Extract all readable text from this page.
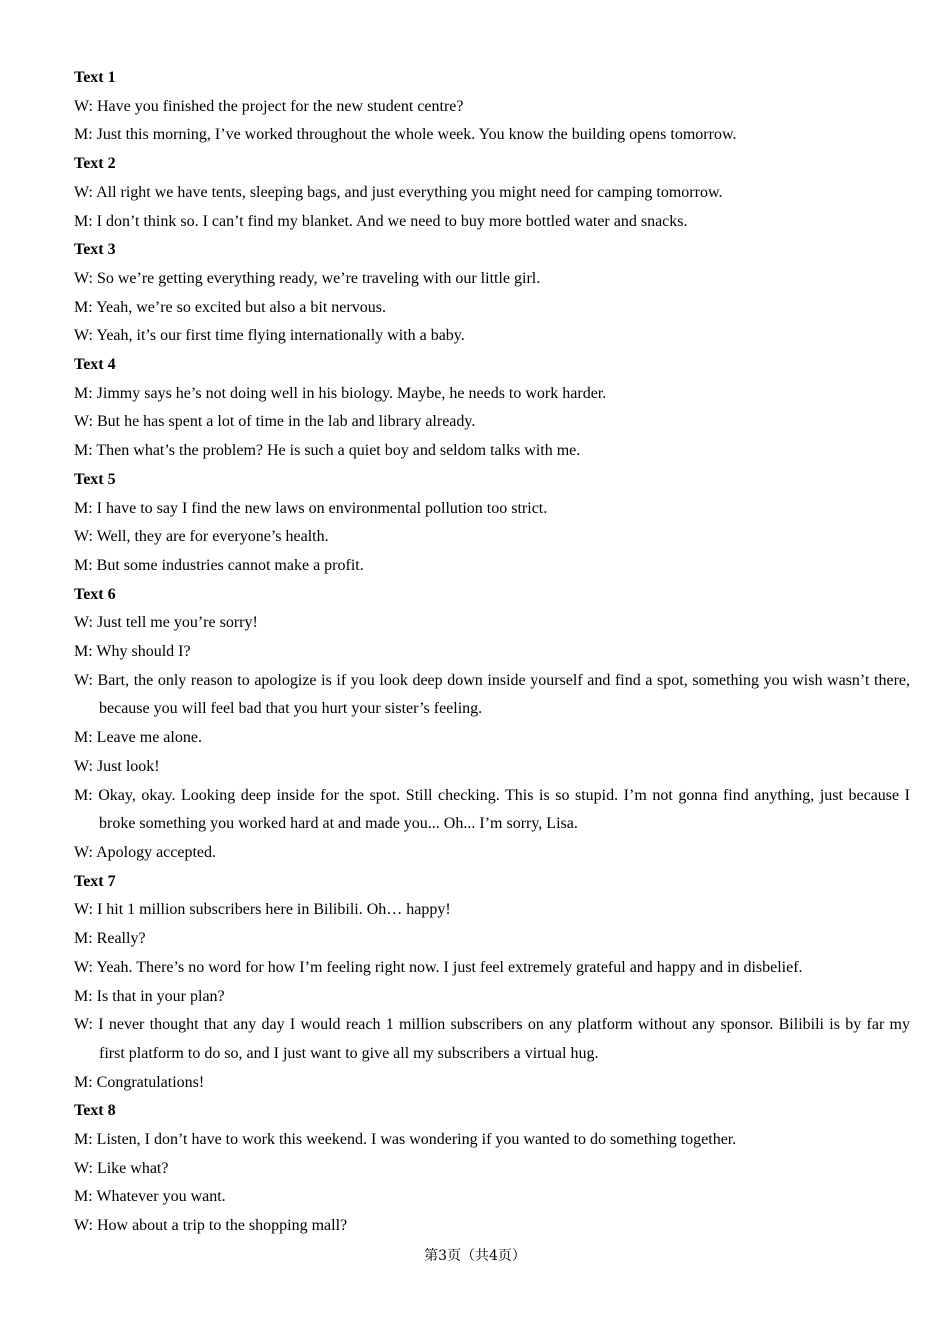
Text 1

W: Have you finished the project for the new student centre?

M: Just this morning, I’ve worked throughout the whole week. You know the building opens tomorrow.

Text 2

W: All right we have tents, sleeping bags, and just everything you might need for camping tomorrow.

M: I don’t think so. I can’t find my blanket. And we need to buy more bottled water and snacks.

Text 3

W: So we’re getting everything ready, we’re traveling with our little girl.

M: Yeah, we’re so excited but also a bit nervous.

W: Yeah, it’s our first time flying internationally with a baby.

Text 4

M: Jimmy says he’s not doing well in his biology. Maybe, he needs to work harder.

W: But he has spent a lot of time in the lab and library already.

M: Then what’s the problem? He is such a quiet boy and seldom talks with me.

Text 5

M: I have to say I find the new laws on environmental pollution too strict.

W: Well, they are for everyone’s health.

M: But some industries cannot make a profit.

Text 6

W: Just tell me you’re sorry!

M: Why should I?

W: Bart, the only reason to apologize is if you look deep down inside yourself and find a spot, something you wish wasn’t there, because you will feel bad that you hurt your sister’s feeling.

M: Leave me alone.

W: Just look!

M: Okay, okay. Looking deep inside for the spot. Still checking. This is so stupid. I’m not gonna find anything, just because I broke something you worked hard at and made you... Oh... I’m sorry, Lisa.

W: Apology accepted.

Text 7

W: I hit 1 million subscribers here in Bilibili. Oh… happy!

M: Really?

W: Yeah. There’s no word for how I’m feeling right now. I just feel extremely grateful and happy and in disbelief.

M: Is that in your plan?

W: I never thought that any day I would reach 1 million subscribers on any platform without any sponsor. Bilibili is by far my first platform to do so, and I just want to give all my subscribers a virtual hug.

M: Congratulations!

Text 8

M: Listen, I don’t have to work this weekend. I was wondering if you wanted to do something together.

W: Like what?

M: Whatever you want.

W: How about a trip to the shopping mall?

第3页（共4页）
